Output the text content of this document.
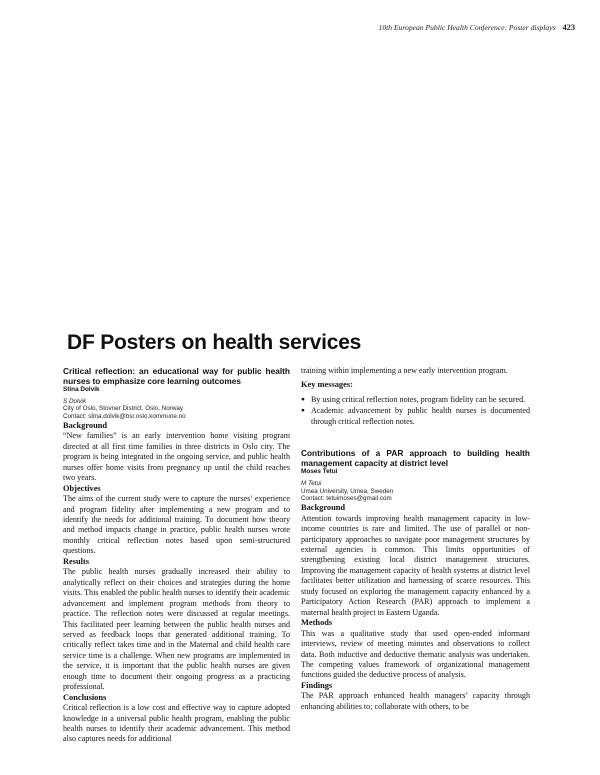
10th European Public Health Conference: Poster displays 423
DF Posters on health services

Critical reflection: an educational way for public health nurses to emphasize core learning outcomes

Stina Dolvik
S Dolvik
City of Oslo, Stovner District, Oslo, Norway
Contact: stina.dolvik@bsr.oslo.kommune.no
Background

“New families” is an early intervention home visiting program directed at all first time families in three districts in Oslo city. The program is being integrated in the ongoing service, and public health nurses offer home visits from pregnancy up until the child reaches two years.

Objectives

The aims of the current study were to capture the nurses’ experience and program fidelity after implementing a new program and to identify the needs for additional training. To document how theory and method impacts change in practice, public health nurses wrote monthly critical reflection notes based upon semi-structured questions.

Results

The public health nurses gradually increased their ability to analytically reflect on their choices and strategies during the home visits. This enabled the public health nurses to identify their academic advancement and implement program methods from theory to practice. The reflection notes were discussed at regular meetings. This facilitated peer learning between the public health nurses and served as feedback loops that generated additional training. To critically reflect takes time and in the Maternal and child health care service time is a challenge. When new programs are implemented in the service, it is important that the public health nurses are given enough time to document their ongoing progress as a practicing professional.

Conclusions

Critical reflection is a low cost and effective way to capture adopted knowledge in a universal public health program, enabling the public health nurses to identify their academic advancement. This method also captures needs for additional

training within implementing a new early intervention program.

Key messages:
● By using critical reflection notes, program fidelity can be secured.
● Academic advancement by public health nurses is documented through critical reflection notes.

Contributions of a PAR approach to building health management capacity at district level

Moses Tetui
M Tetui
Umea University, Umea, Sweden
Contact: tetuimoses@gmail.com
Background

Attention towards improving health management capacity in low-income countries is rare and limited. The use of parallel or non-participatory approaches to navigate poor management structures by external agencies is common. This limits opportunities of strengthening existing local district management structures. Improving the management capacity of health systems at district level facilitates better utilization and harnessing of scarce resources. This study focused on exploring the management capacity enhanced by a Participatory Action Research (PAR) approach to implement a maternal health project in Eastern Uganda.

Methods

This was a qualitative study that used open-ended informant interviews, review of meeting minutes and observations to collect data. Both inductive and deductive thematic analysis was undertaken. The competing values framework of organizational management functions guided the deductive process of analysis.

Findings

The PAR approach enhanced health managers’ capacity through enhancing abilities to; collaborate with others, to be
